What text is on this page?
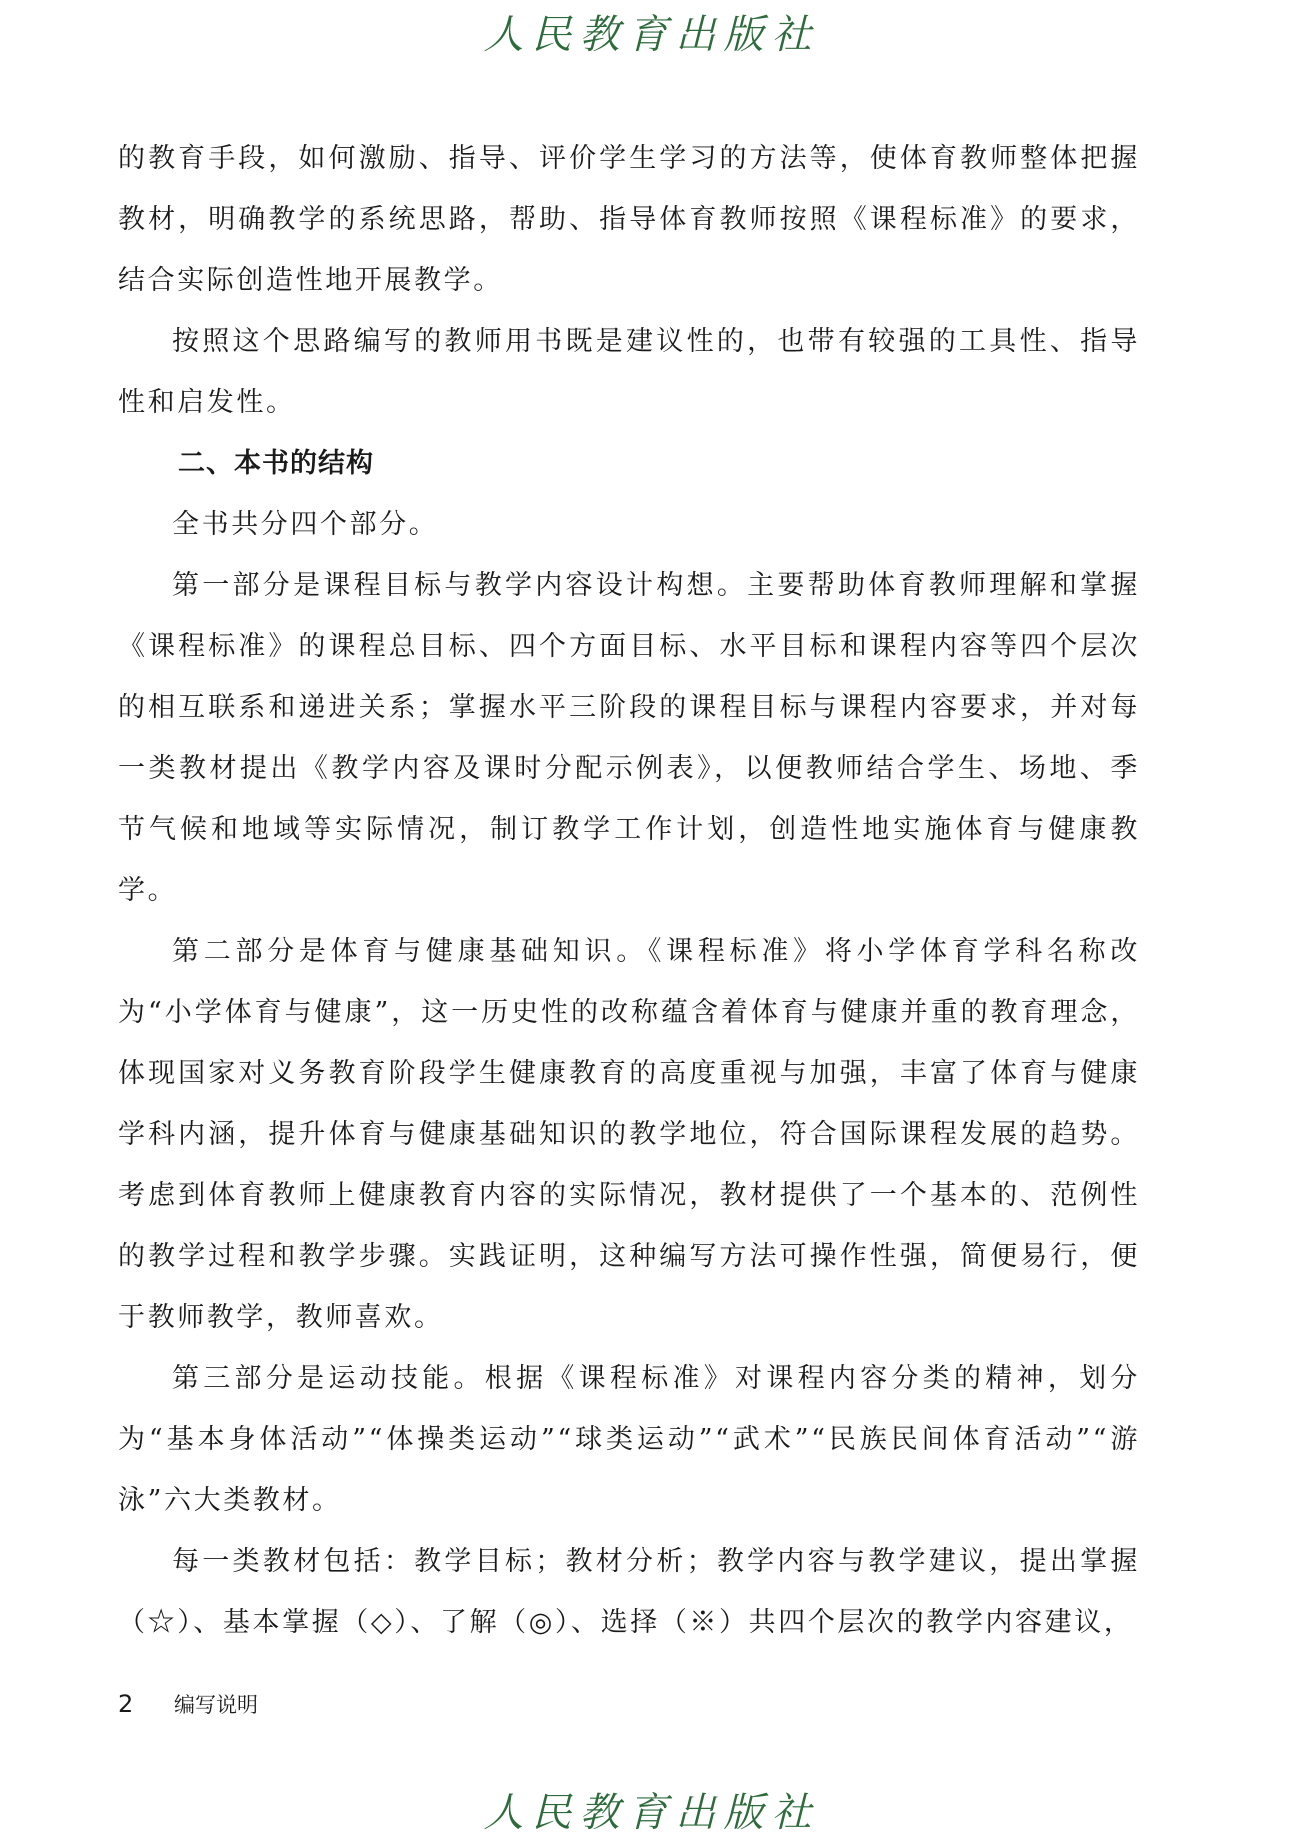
人民教育出版社

的教育手段，如何激励、指导、评价学生学习的方法等，使体育教师整体把握教材，明确教学的系统思路，帮助、指导体育教师按照《课程标准》的要求，结合实际创造性地开展教学。

按照这个思路编写的教师用书既是建议性的，也带有较强的工具性、指导性和启发性。

二、本书的结构

全书共分四个部分。

第一部分是课程目标与教学内容设计构想。主要帮助体育教师理解和掌握《课程标准》的课程总目标、四个方面目标、水平目标和课程内容等四个层次的相互联系和递进关系；掌握水平三阶段的课程目标与课程内容要求，并对每一类教材提出《教学内容及课时分配示例表》，以便教师结合学生、场地、季节气候和地域等实际情况，制订教学工作计划，创造性地实施体育与健康教学。

第二部分是体育与健康基础知识。《课程标准》将小学体育学科名称改为“小学体育与健康”，这一历史性的改称蕴含着体育与健康并重的教育理念，体现国家对义务教育阶段学生健康教育的高度重视与加强，丰富了体育与健康学科内涵，提升体育与健康基础知识的教学地位，符合国际课程发展的趋势。考虑到体育教师上健康教育内容的实际情况，教材提供了一个基本的、范例性的教学过程和教学步骤。实践证明，这种编写方法可操作性强，简便易行，便于教师教学，教师喜欢。

第三部分是运动技能。根据《课程标准》对课程内容分类的精神，划分为“基本身体活动”“体操类运动”“球类运动”“武术”“民族民间体育活动”“游泳”六大类教材。

每一类教材包括：教学目标；教材分析；教学内容与教学建议，提出掌握（☆）、基本掌握（◇）、了解（◎）、选择（※）共四个层次的教学内容建议，

2 编写说明
人民教育出版社
